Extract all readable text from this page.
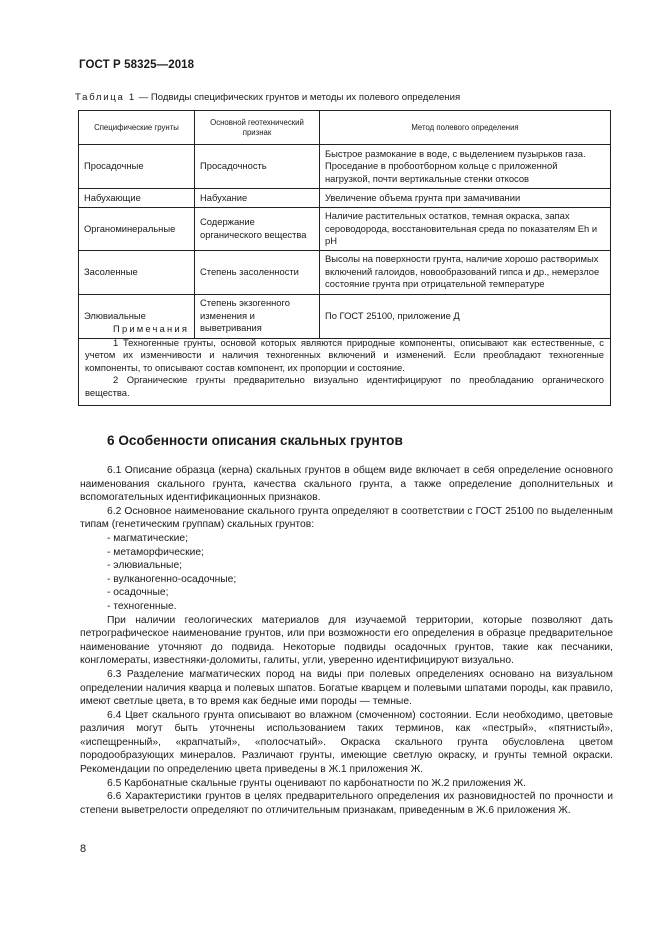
ГОСТ Р 58325—2018
Таблица 1 — Подвиды специфических грунтов и методы их полевого определения
Специфические грунты	Основной геотехнический признак	Метод полевого определения
Просадочные	Просадочность	Быстрое размокание в воде, с выделением пузырьков газа. Проседание в пробоотборном кольце с приложенной нагрузкой, почти вертикальные стенки откосов
Набухающие	Набухание	Увеличение объема грунта при замачивании
Органоминеральные	Содержание органического вещества	Наличие растительных остатков, темная окраска, запах сероводорода, восстановительная среда по показателям Eh и pH
Засоленные	Степень засоленности	Высолы на поверхности грунта, наличие хорошо растворимых включений галоидов, новообразований гипса и др., немерзлое состояние грунта при отрицательной температуре
Элювиальные	Степень экзогенного изменения и выветривания	По ГОСТ 25100, приложение Д
Примечания

1 Техногенные грунты, основой которых являются природные компоненты, описывают как естественные, с учетом их изменчивости и наличия техногенных включений и изменений. Если преобладают техногенные компоненты, то описывают состав компонент, их пропорции и состояние.

2 Органические грунты предварительно визуально идентифицируют по преобладанию органического вещества.

6 Особенности описания скальных грунтов

6.1 Описание образца (керна) скальных грунтов в общем виде включает в себя определение основного наименования скального грунта, качества скального грунта, а также определение дополнительных и вспомогательных идентификационных признаков.

6.2 Основное наименование скального грунта определяют в соответствии с ГОСТ 25100 по выделенным типам (генетическим группам) скальных грунтов:

- магматические;
- метаморфические;
- элювиальные;
- вулканогенно-осадочные;
- осадочные;
- техногенные.

При наличии геологических материалов для изучаемой территории, которые позволяют дать петрографическое наименование грунтов, или при возможности его определения в образце предварительное наименование уточняют до подвида. Некоторые подвиды осадочных грунтов, такие как песчаники, конгломераты, известняки-доломиты, галиты, угли, уверенно идентифицируют визуально.

6.3 Разделение магматических пород на виды при полевых определениях основано на визуальном определении наличия кварца и полевых шпатов. Богатые кварцем и полевыми шпатами породы, как правило, имеют светлые цвета, в то время как бедные ими породы — темные.

6.4 Цвет скального грунта описывают во влажном (смоченном) состоянии. Если необходимо, цветовые различия могут быть уточнены использованием таких терминов, как «пестрый», «пятнистый», «испещренный», «крапчатый», «полосчатый». Окраска скального грунта обусловлена цветом породообразующих минералов. Различают грунты, имеющие светлую окраску, и грунты темной окраски. Рекомендации по определению цвета приведены в Ж.1 приложения Ж.

6.5 Карбонатные скальные грунты оценивают по карбонатности по Ж.2 приложения Ж.

6.6 Характеристики грунтов в целях предварительного определения их разновидностей по прочности и степени выветрелости определяют по отличительным признакам, приведенным в Ж.6 приложения Ж.

8
